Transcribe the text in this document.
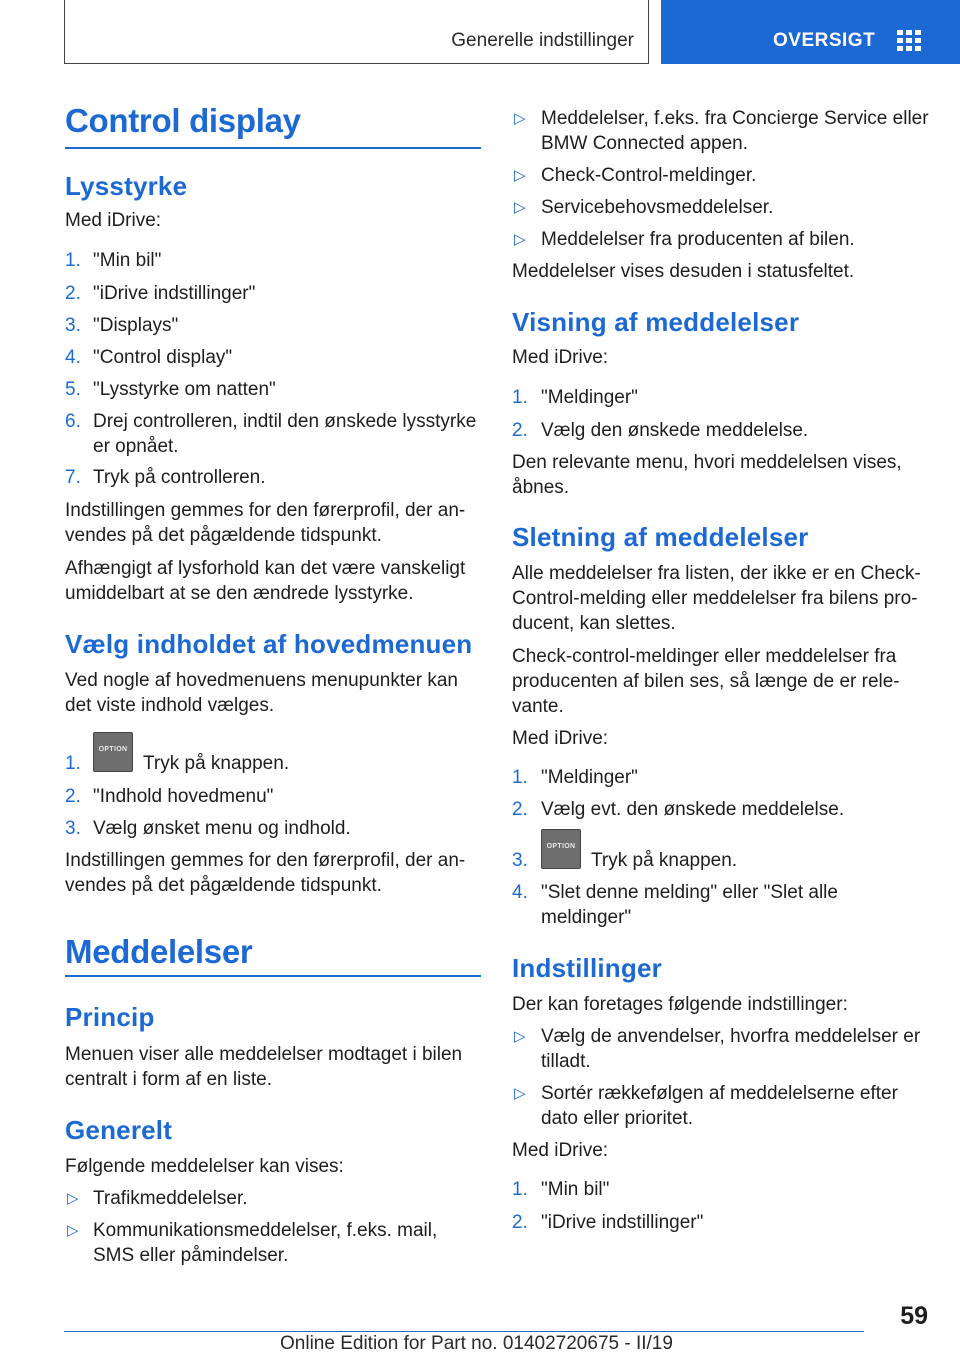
Generelle indstillinger	OVERSIGT
Control display
Lysstyrke
Med iDrive:
1. "Min bil"
2. "iDrive indstillinger"
3. "Displays"
4. "Control display"
5. "Lysstyrke om natten"
6. Drej controlleren, indtil den ønskede lysstyrke
er opnået.
7. Tryk på controlleren.
Indstillingen gemmes for den førerprofil, der an‐
vendes på det pågældende tidspunkt.
Afhængigt af lysforhold kan det være vanskeligt
umiddelbart at se den ændrede lysstyrke.
Vælg indholdet af hovedmenuen
Ved nogle af hovedmenuens menupunkter kan
det viste indhold vælges.
1.
OPTION
Tryk på knappen.
2. "Indhold hovedmenu"
3. Vælg ønsket menu og indhold.
Indstillingen gemmes for den førerprofil, der an‐
vendes på det pågældende tidspunkt.
Meddelelser
Princip
Menuen viser alle meddelelser modtaget i bilen
centralt i form af en liste.
Generelt
Følgende meddelelser kan vises:
▷ Trafikmeddelelser.
▷ Kommunikationsmeddelelser, f.eks. mail,
SMS eller påmindelser.
▷ Meddelelser, f.eks. fra Concierge Service eller
BMW Connected appen.
▷ Check-Control-meldinger.
▷ Servicebehovsmeddelelser.
▷ Meddelelser fra producenten af bilen.
Meddelelser vises desuden i statusfeltet.
Visning af meddelelser
Med iDrive:
1. "Meldinger"
2. Vælg den ønskede meddelelse.
Den relevante menu, hvori meddelelsen vises,
åbnes.
Sletning af meddelelser
Alle meddelelser fra listen, der ikke er en Check-
Control-melding eller meddelelser fra bilens pro‐
ducent, kan slettes.
Check-control-meldinger eller meddelelser fra
producenten af bilen ses, så længe de er rele‐
vante.
Med iDrive:
1. "Meldinger"
2. Vælg evt. den ønskede meddelelse.
3.
OPTION
Tryk på knappen.
4. "Slet denne melding" eller "Slet alle
meldinger"
Indstillinger
Der kan foretages følgende indstillinger:
▷ Vælg de anvendelser, hvorfra meddelelser er
tilladt.
▷ Sortér rækkefølgen af meddelelserne efter
dato eller prioritet.
Med iDrive:
1. "Min bil"
2. "iDrive indstillinger"
59
Online Edition for Part no. 01402720675 - II/19
